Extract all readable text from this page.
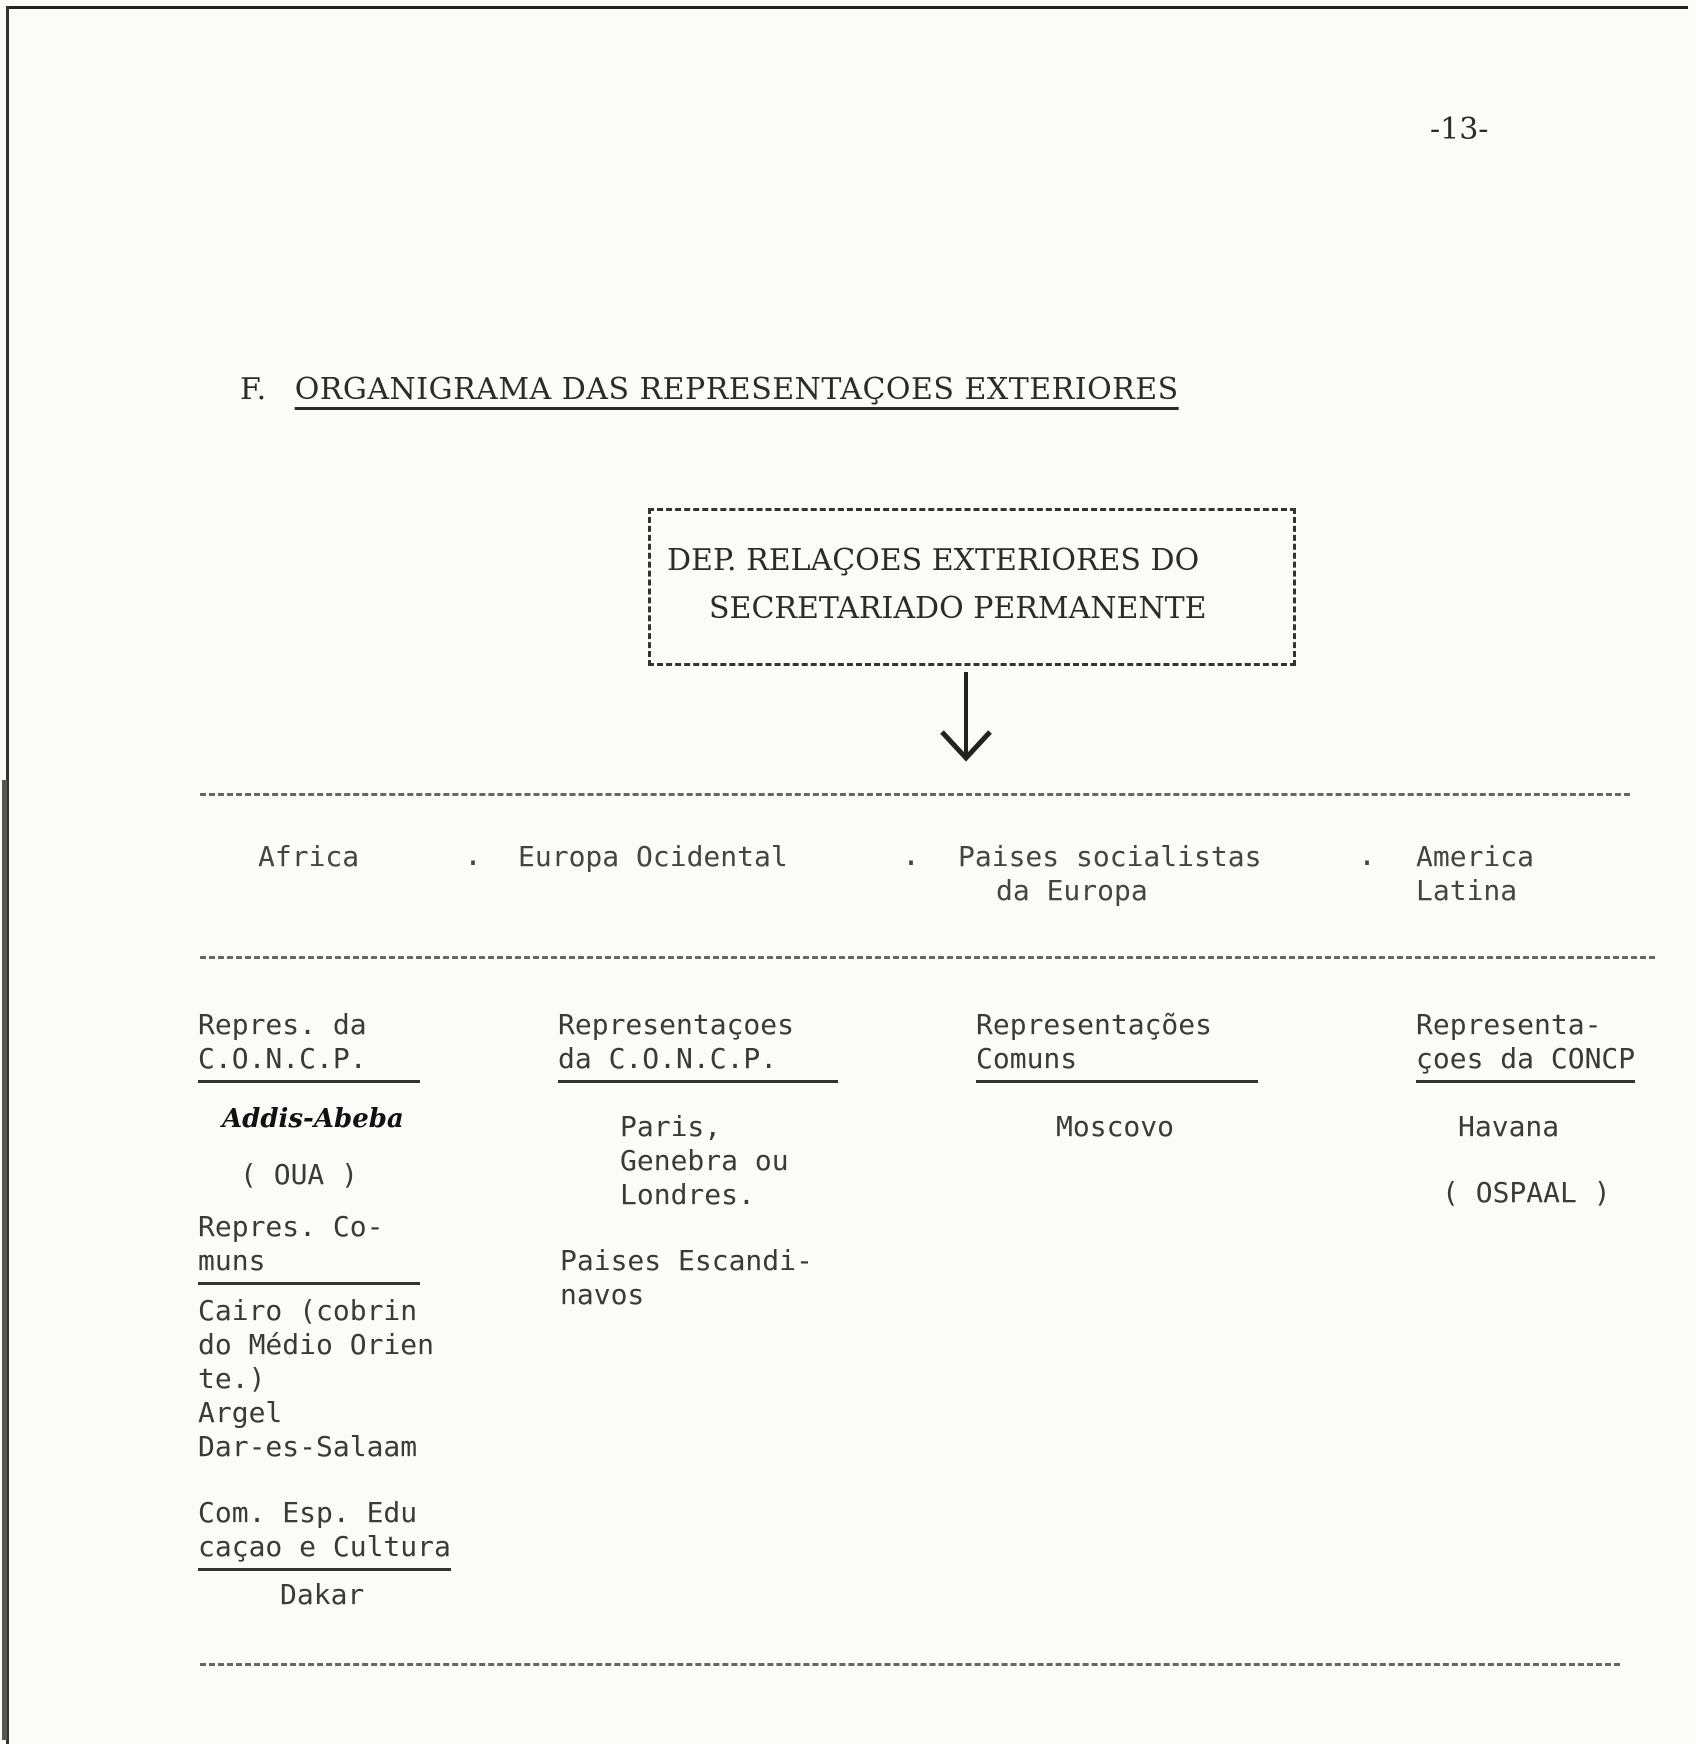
-13-
F. ORGANIGRAMA DAS REPRESENTAÇOES EXTERIORES
DEP. RELAÇOES EXTERIORES DO
SECRETARIADO PERMANENTE
Africa	. Europa Ocidental	. Paises socialistas
da Europa
. America
Latina
Repres. da
C.O.N.C.P.
Addis-Abeba
( OUA )
Repres. Co-
muns
Cairo (cobrin
do Médio Orien
te.)
Argel
Dar-es-Salaam
Com. Esp. Edu
caçao e Cultura
Dakar
Representaçoes
da C.O.N.C.P.
Paris,
Genebra ou
Londres.
Paises Escandi-
navos
Representações
Comuns
Moscovo
Representa-
çoes da CONCP
Havana
( OSPAAL )
